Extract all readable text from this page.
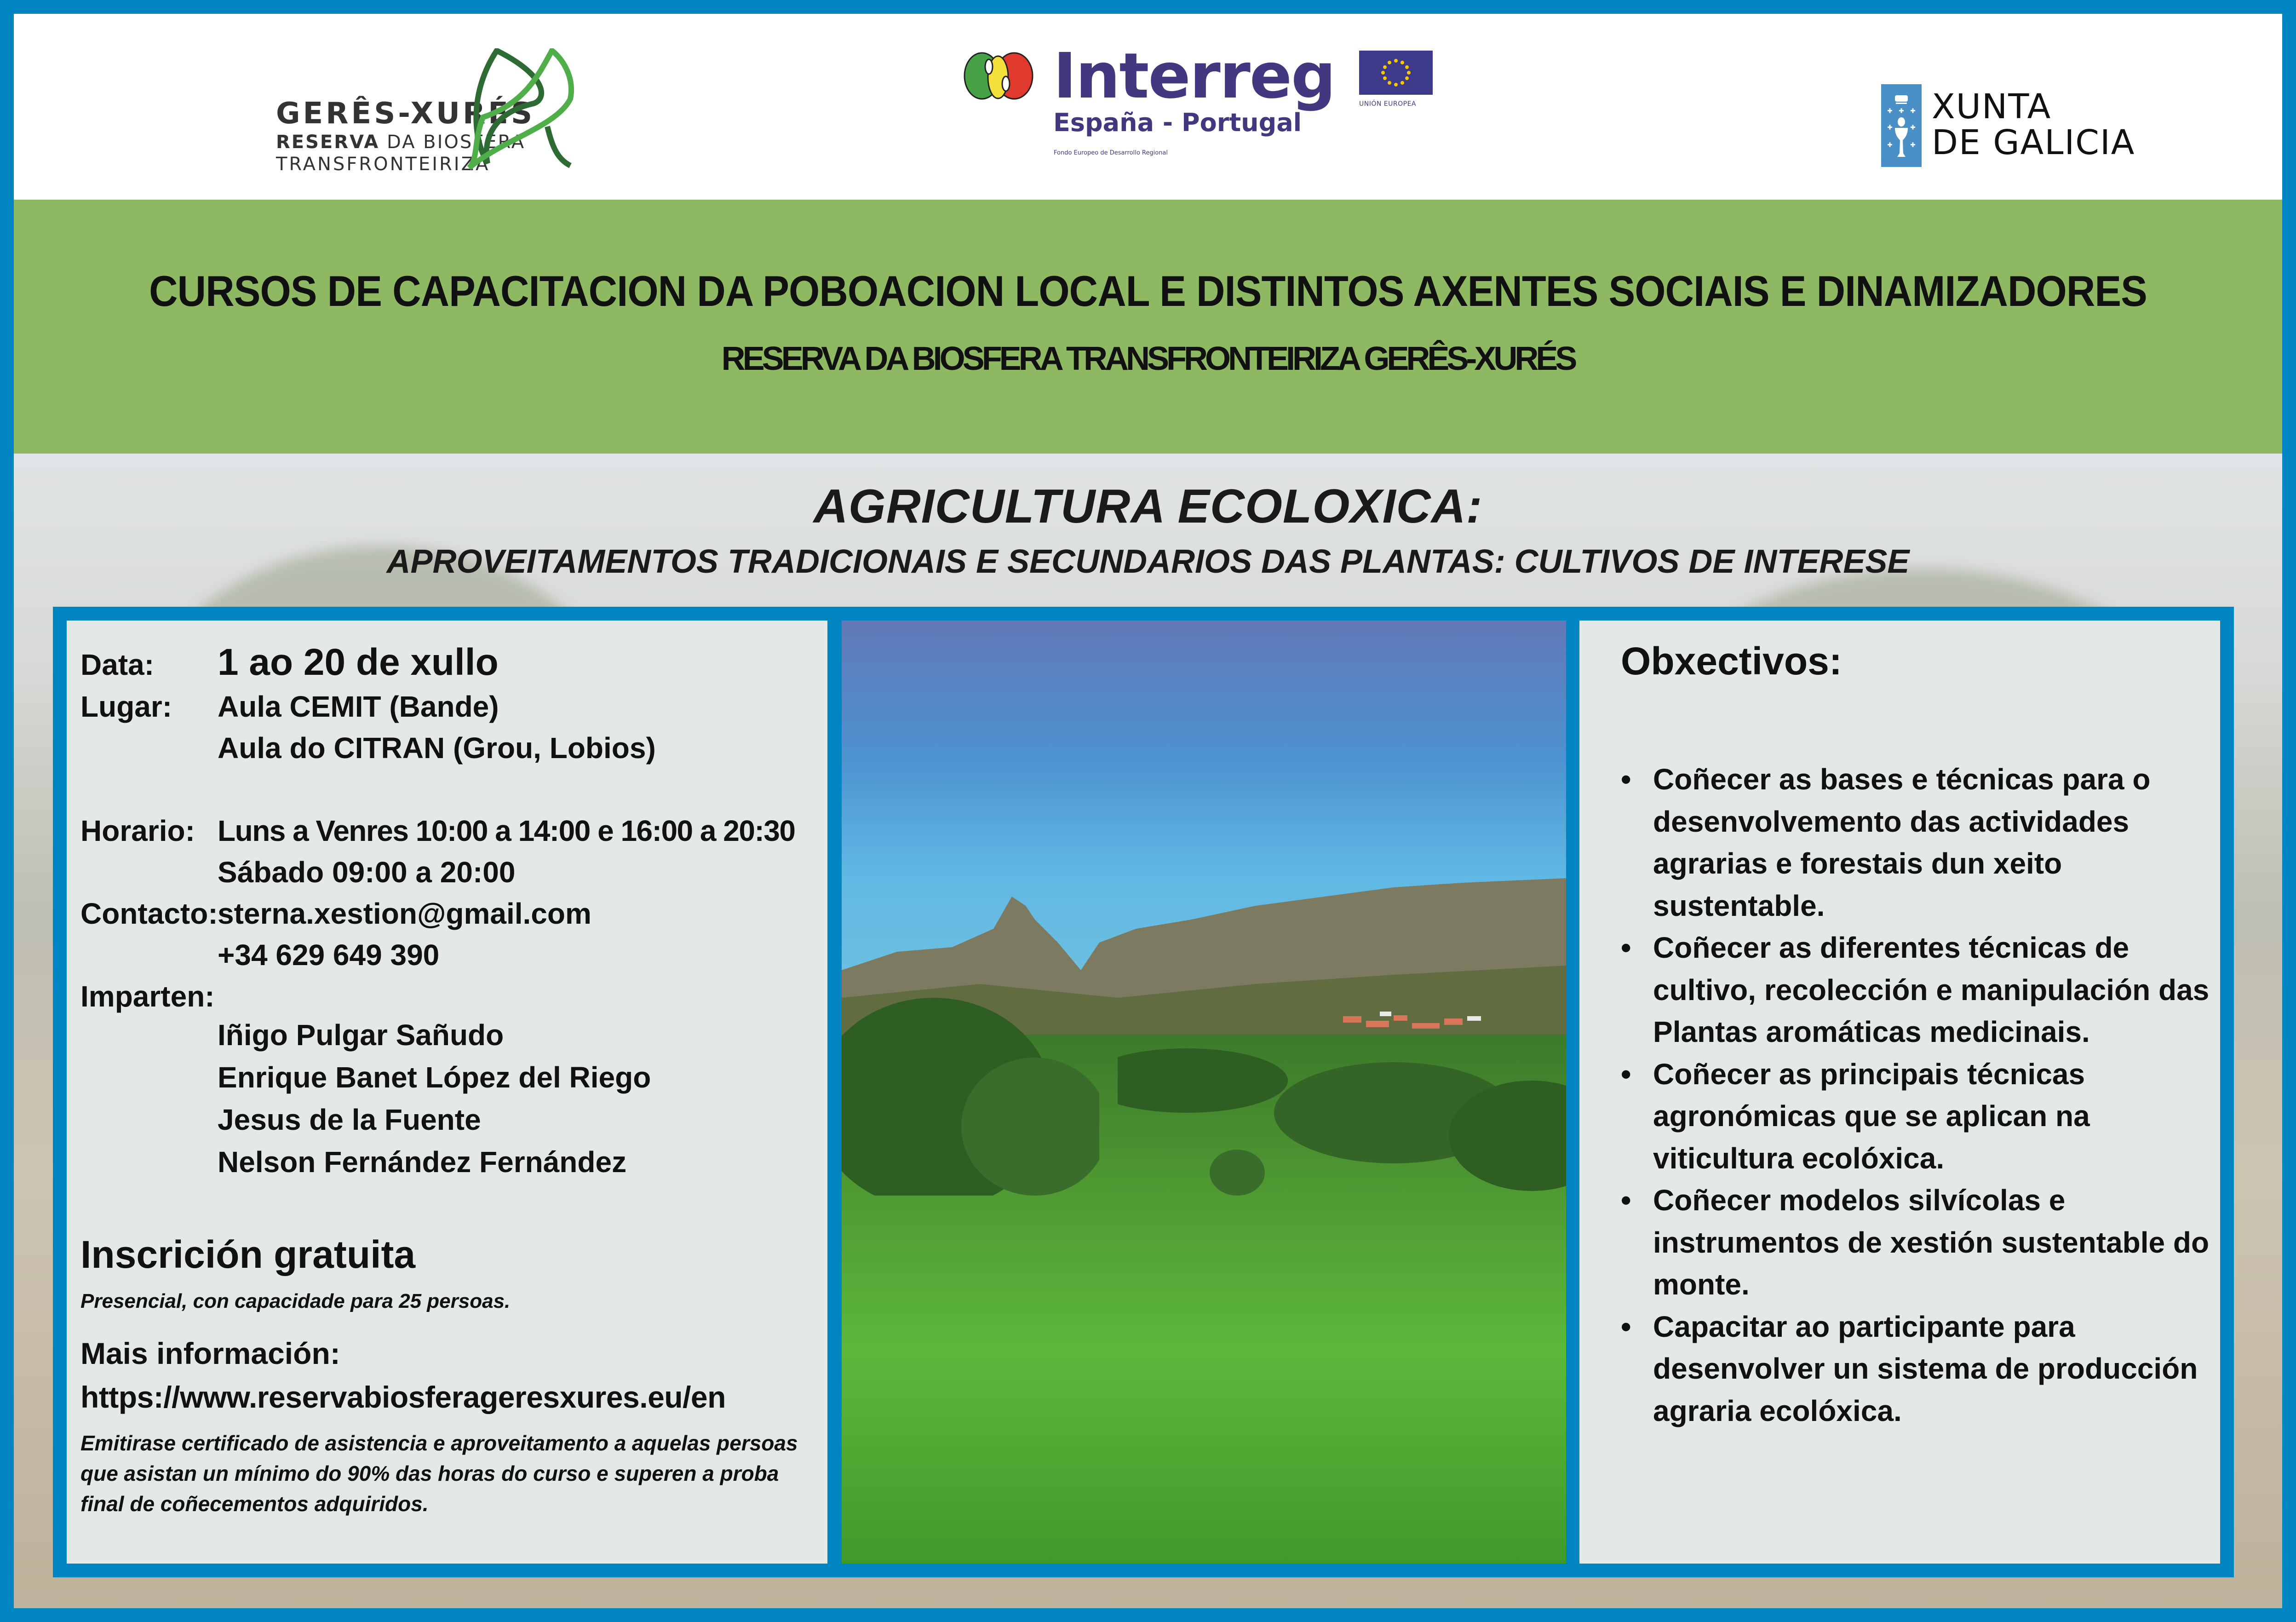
GERÊS-XURÉS
RESERVA DA BIOSFERA
TRANSFRONTEIRIZA
Interreg
España - Portugal
Fondo Europeo de Desarrollo Regional
UNIÓN EUROPEA	XUNTA
DE GALICIA
CURSOS DE CAPACITACION DA POBOACION LOCAL E DISTINTOS AXENTES SOCIAIS E DINAMIZADORES
RESERVA DA BIOSFERA TRANSFRONTEIRIZA GERÊS-XURÉS
AGRICULTURA ECOLOXICA:
APROVEITAMENTOS TRADICIONAIS E SECUNDARIOS DAS PLANTAS: CULTIVOS DE INTERESE
Data: 1 ao 20 de xullo
Lugar: Aula CEMIT (Bande)
Aula do CITRAN (Grou, Lobios)
Horario: Luns a Venres 10:00 a 14:00 e 16:00 a 20:30
Sábado 09:00 a 20:00
Contacto:sterna.xestion@gmail.com
+34 629 649 390
Imparten:
Iñigo Pulgar Sañudo
Enrique Banet López del Riego
Jesus de la Fuente
Nelson Fernández Fernández
Inscrición gratuita
Presencial, con capacidade para 25 persoas.
Mais información:
https://www.reservabiosferageresxures.eu/en
Emitirase certificado de asistencia e aproveitamento a aquelas persoas que asistan un mínimo do 90% das horas do curso e superen a proba final de coñecementos adquiridos.
Obxectivos:
• Coñecer as bases e técnicas para o desenvolvemento das actividades agrarias e forestais dun xeito sustentable.
• Coñecer as diferentes técnicas de cultivo, recolección e manipulación das Plantas aromáticas medicinais.
• Coñecer as principais técnicas agronómicas que se aplican na viticultura ecolóxica.
• Coñecer modelos silvícolas e instrumentos de xestión sustentable do monte.
• Capacitar ao participante para desenvolver un sistema de producción agraria ecolóxica.
